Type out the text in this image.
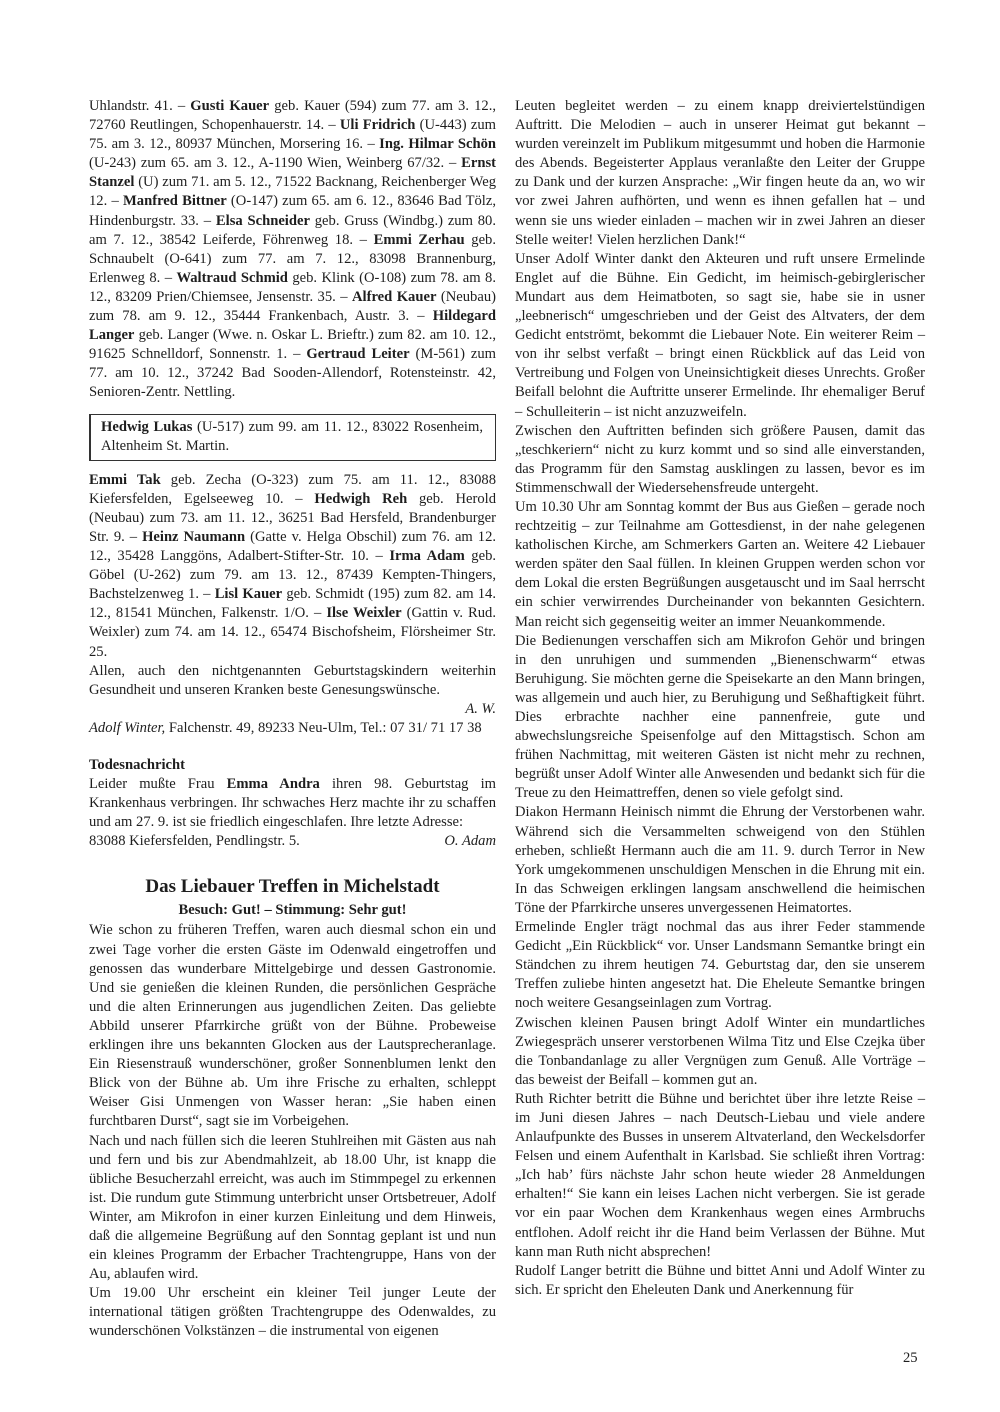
Uhlandstr. 41. – Gusti Kauer geb. Kauer (594) zum 77. am 3. 12., 72760 Reutlingen, Schopenhauerstr. 14. – Uli Fridrich (U-443) zum 75. am 3. 12., 80937 München, Morsering 16. – Ing. Hilmar Schön (U-243) zum 65. am 3. 12., A-1190 Wien, Weinberg 67/32. – Ernst Stanzel (U) zum 71. am 5. 12., 71522 Backnang, Reichenberger Weg 12. – Manfred Bittner (O-147) zum 65. am 6. 12., 83646 Bad Tölz, Hindenburgstr. 33. – Elsa Schneider geb. Gruss (Windbg.) zum 80. am 7. 12., 38542 Leiferde, Föhrenweg 18. – Emmi Zerhau geb. Schnaubelt (O-641) zum 77. am 7. 12., 83098 Brannenburg, Erlenweg 8. – Waltraud Schmid geb. Klink (O-108) zum 78. am 8. 12., 83209 Prien/Chiemsee, Jensenstr. 35. – Alfred Kauer (Neubau) zum 78. am 9. 12., 35444 Frankenbach, Austr. 3. – Hildegard Langer geb. Langer (Wwe. n. Oskar L. Brieftr.) zum 82. am 10. 12., 91625 Schnelldorf, Sonnenstr. 1. – Gertraud Leiter (M-561) zum 77. am 10. 12., 37242 Bad Sooden-Allendorf, Rotensteinstr. 42, Senioren-Zentr. Nettling.

Hedwig Lukas (U-517) zum 99. am 11. 12., 83022 Rosenheim, Altenheim St. Martin.

Emmi Tak geb. Zecha (O-323) zum 75. am 11. 12., 83088 Kiefersfelden, Egelseeweg 10. – Hedwigh Reh geb. Herold (Neubau) zum 73. am 11. 12., 36251 Bad Hersfeld, Brandenburger Str. 9. – Heinz Naumann (Gatte v. Helga Obschil) zum 76. am 12. 12., 35428 Langgöns, Adalbert-Stifter-Str. 10. – Irma Adam geb. Göbel (U-262) zum 79. am 13. 12., 87439 Kempten-Thingers, Bachstelzenweg 1. – Lisl Kauer geb. Schmidt (195) zum 82. am 14. 12., 81541 München, Falkenstr. 1/O. – Ilse Weixler (Gattin v. Rud. Weixler) zum 74. am 14. 12., 65474 Bischofsheim, Flörsheimer Str. 25.

Allen, auch den nichtgenannten Geburtstagskindern weiterhin Gesundheit und unseren Kranken beste Genesungswünsche.

A. W.

Adolf Winter, Falchenstr. 49, 89233 Neu-Ulm, Tel.: 07 31/ 71 17 38

Todesnachricht

Leider mußte Frau Emma Andra ihren 98. Geburtstag im Krankenhaus verbringen. Ihr schwaches Herz machte ihr zu schaffen und am 27. 9. ist sie friedlich eingeschlafen. Ihre letzte Adresse:

83088 Kiefersfelden, Pendlingstr. 5.	O. Adam

Das Liebauer Treffen in Michelstadt
Besuch: Gut! – Stimmung: Sehr gut!

Wie schon zu früheren Treffen, waren auch diesmal schon ein und zwei Tage vorher die ersten Gäste im Odenwald eingetroffen und genossen das wunderbare Mittelgebirge und dessen Gastronomie. Und sie genießen die kleinen Runden, die persönlichen Gespräche und die alten Erinnerungen aus jugendlichen Zeiten. Das geliebte Abbild unserer Pfarrkirche grüßt von der Bühne. Probeweise erklingen ihre uns bekannten Glocken aus der Lautsprecheranlage. Ein Riesenstrauß wunderschöner, großer Sonnenblumen lenkt den Blick von der Bühne ab. Um ihre Frische zu erhalten, schleppt Weiser Gisi Unmengen von Wasser heran: „Sie haben einen furchtbaren Durst“, sagt sie im Vorbeigehen.

Nach und nach füllen sich die leeren Stuhlreihen mit Gästen aus nah und fern und bis zur Abendmahlzeit, ab 18.00 Uhr, ist knapp die übliche Besucherzahl erreicht, was auch im Stimmpegel zu erkennen ist. Die rundum gute Stimmung unterbricht unser Ortsbetreuer, Adolf Winter, am Mikrofon in einer kurzen Einleitung und dem Hinweis, daß die allgemeine Begrüßung auf den Sonntag geplant ist und nun ein kleines Programm der Erbacher Trachtengruppe, Hans von der Au, ablaufen wird.

Um 19.00 Uhr erscheint ein kleiner Teil junger Leute der international tätigen größten Trachtengruppe des Odenwaldes, zu wunderschönen Volkstänzen – die instrumental von eigenen

Leuten begleitet werden – zu einem knapp dreiviertelstündigen Auftritt. Die Melodien – auch in unserer Heimat gut bekannt – wurden vereinzelt im Publikum mitgesummt und hoben die Harmonie des Abends. Begeisterter Applaus veranlaßte den Leiter der Gruppe zu Dank und der kurzen Ansprache: „Wir fingen heute da an, wo wir vor zwei Jahren aufhörten, und wenn es ihnen gefallen hat – und wenn sie uns wieder einladen – machen wir in zwei Jahren an dieser Stelle weiter! Vielen herzlichen Dank!“

Unser Adolf Winter dankt den Akteuren und ruft unsere Ermelinde Englet auf die Bühne. Ein Gedicht, im heimisch-gebirglerischer Mundart aus dem Heimatboten, so sagt sie, habe sie in usner „leebnerisch“ umgeschrieben und der Geist des Altvaters, der dem Gedicht entströmt, bekommt die Liebauer Note. Ein weiterer Reim – von ihr selbst verfaßt – bringt einen Rückblick auf das Leid von Vertreibung und Folgen von Uneinsichtigkeit dieses Unrechts. Großer Beifall belohnt die Auftritte unserer Ermelinde. Ihr ehemaliger Beruf – Schulleiterin – ist nicht anzuzweifeln.

Zwischen den Auftritten befinden sich größere Pausen, damit das „teschkeriern“ nicht zu kurz kommt und so sind alle einverstanden, das Programm für den Samstag ausklingen zu lassen, bevor es im Stimmenschwall der Wiedersehensfreude untergeht.

Um 10.30 Uhr am Sonntag kommt der Bus aus Gießen – gerade noch rechtzeitig – zur Teilnahme am Gottesdienst, in der nahe gelegenen katholischen Kirche, am Schmerkers Garten an. Weitere 42 Liebauer werden später den Saal füllen. In kleinen Gruppen werden schon vor dem Lokal die ersten Begrüßungen ausgetauscht und im Saal herrscht ein schier verwirrendes Durcheinander von bekannten Gesichtern. Man reicht sich gegenseitig weiter an immer Neuankommende.

Die Bedienungen verschaffen sich am Mikrofon Gehör und bringen in den unruhigen und summenden „Bienenschwarm“ etwas Beruhigung. Sie möchten gerne die Speisekarte an den Mann bringen, was allgemein und auch hier, zu Beruhigung und Seßhaftigkeit führt. Dies erbrachte nachher eine pannenfreie, gute und abwechslungsreiche Speisenfolge auf den Mittagstisch. Schon am frühen Nachmittag, mit weiteren Gästen ist nicht mehr zu rechnen, begrüßt unser Adolf Winter alle Anwesenden und bedankt sich für die Treue zu den Heimattreffen, denen so viele gefolgt sind.

Diakon Hermann Heinisch nimmt die Ehrung der Verstorbenen wahr. Während sich die Versammelten schweigend von den Stühlen erheben, schließt Hermann auch die am 11. 9. durch Terror in New York umgekommenen unschuldigen Menschen in die Ehrung mit ein. In das Schweigen erklingen langsam anschwellend die heimischen Töne der Pfarrkirche unseres unvergessenen Heimatortes.

Ermelinde Engler trägt nochmal das aus ihrer Feder stammende Gedicht „Ein Rückblick“ vor. Unser Landsmann Semantke bringt ein Ständchen zu ihrem heutigen 74. Geburtstag dar, den sie unserem Treffen zuliebe hinten angesetzt hat. Die Eheleute Semantke bringen noch weitere Gesangseinlagen zum Vortrag.

Zwischen kleinen Pausen bringt Adolf Winter ein mundartliches Zwiegespräch unserer verstorbenen Wilma Titz und Else Czejka über die Tonbandanlage zu aller Vergnügen zum Genuß. Alle Vorträge – das beweist der Beifall – kommen gut an.

Ruth Richter betritt die Bühne und berichtet über ihre letzte Reise – im Juni diesen Jahres – nach Deutsch-Liebau und viele andere Anlaufpunkte des Busses in unserem Altvaterland, den Weckelsdorfer Felsen und einem Aufenthalt in Karlsbad. Sie schließt ihren Vortrag: „Ich hab’ fürs nächste Jahr schon heute wieder 28 Anmeldungen erhalten!“ Sie kann ein leises Lachen nicht verbergen. Sie ist gerade vor ein paar Wochen dem Krankenhaus wegen eines Armbruchs entflohen. Adolf reicht ihr die Hand beim Verlassen der Bühne. Mut kann man Ruth nicht absprechen!

Rudolf Langer betritt die Bühne und bittet Anni und Adolf Winter zu sich. Er spricht den Eheleuten Dank und Anerkennung für

25
